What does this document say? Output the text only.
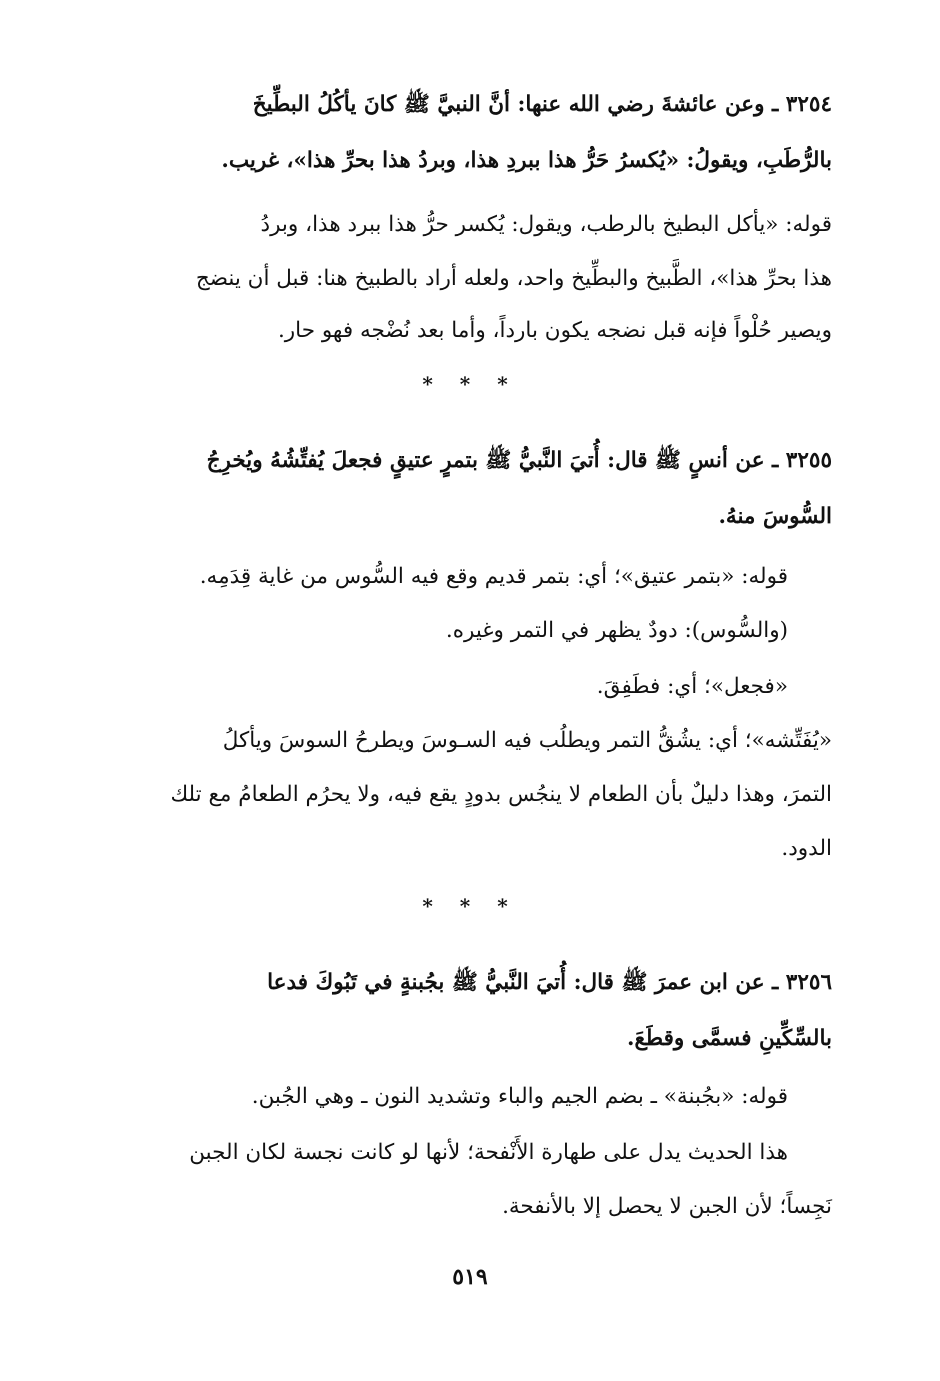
٣٢٥٤ ـ وعن عائشةَ رضي الله عنها: أنَّ النبيَّ ﷺ كانَ يأكُلُ البطِّيخَ
بالرُّطَبِ، ويقولُ: «يُكسرُ حَرُّ هذا ببردِ هذا، وبردُ هذا بحرِّ هذا»، غريب.
قوله: «يأكل البطيخ بالرطب، ويقول: يُكسر حرُّ هذا ببرد هذا، وبردُ
هذا بحرِّ هذا»، الطَّبيخ والبطِّيخ واحد، ولعله أراد بالطبيخ هنا: قبل أن ينضج
ويصير حُلْواً فإنه قبل نضجه يكون بارداً، وأما بعد نُضْجه فهو حار.
* * *
٣٢٥٥ ـ عن أنسٍ ﷺ قال: أُتيَ النَّبيُّ ﷺ بتمرٍ عتيقٍ فجعلَ يُفتِّشُهُ ويُخرِجُ
السُّوسَ منهُ.
قوله: «بتمر عتيق»؛ أي: بتمر قديم وقع فيه السُّوس من غاية قِدَمِه.
(والسُّوس): دودٌ يظهر في التمر وغيره.
«فجعل»؛ أي: فطَفِقَ.
«يُفَتِّشه»؛ أي: يشُقُّ التمر ويطلُب فيه السـوسَ ويطرحُ السوسَ ويأكلُ
التمرَ، وهذا دليلٌ بأن الطعام لا ينجُس بدودٍ يقع فيه، ولا يحرُم الطعامُ مع تلك
الدود.
* * *
٣٢٥٦ ـ عن ابن عمرَ ﷺ قال: أُتيَ النَّبيُّ ﷺ بجُبنةٍ في تَبُوكَ فدعا
بالسِّكِّينِ فسمَّى وقطَعَ.
قوله: «بجُبنة» ـ بضم الجيم والباء وتشديد النون ـ وهي الجُبن.
هذا الحديث يدل على طهارة الأَنْفحة؛ لأنها لو كانت نجسة لكان الجبن
نَجِساً؛ لأن الجبن لا يحصل إلا بالأنفحة.
٥١٩
